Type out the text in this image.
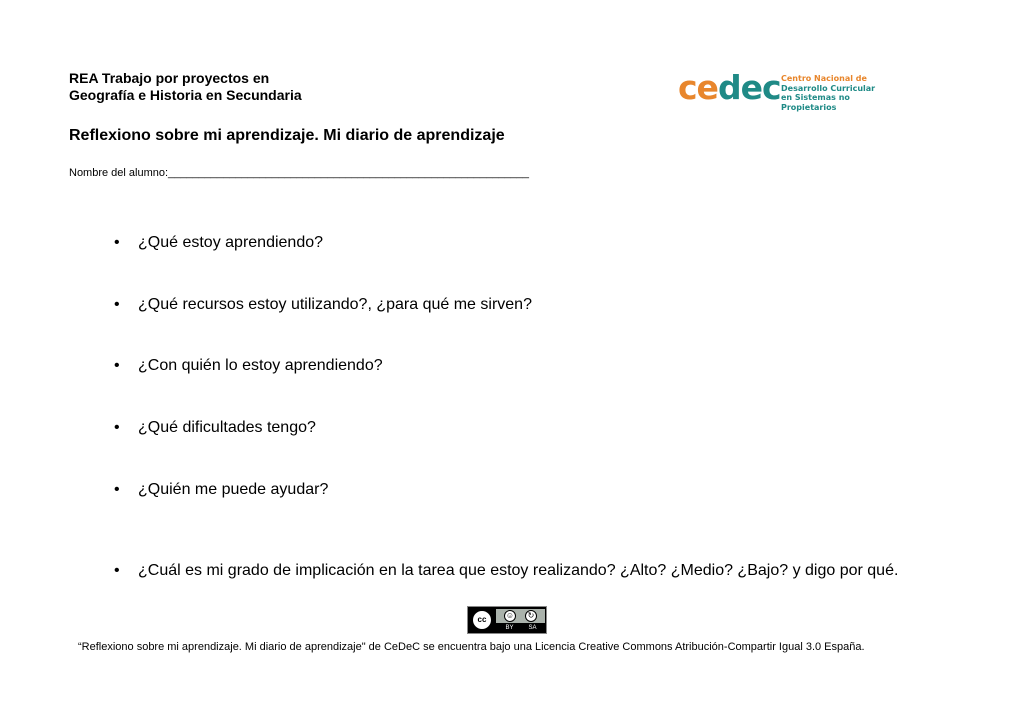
REA Trabajo por proyectos en
Geografía e Historia en Secundaria	cedec Centro Nacional de
Desarrollo Curricular
en Sistemas no Propietarios
Reflexiono sobre mi aprendizaje. Mi diario de aprendizaje
Nombre del alumno:___________________________________________________________
• ¿Qué estoy aprendiendo?
• ¿Qué recursos estoy utilizando?, ¿para qué me sirven?
• ¿Con quién lo estoy aprendiendo?
• ¿Qué dificultades tengo?
• ¿Quién me puede ayudar?
• ¿Cuál es mi grado de implicación en la tarea que estoy realizando? ¿Alto? ¿Medio? ¿Bajo? y digo por qué.
cc	☺	↻
BY SA
“Reflexiono sobre mi aprendizaje. Mi diario de aprendizaje" de CeDeC se encuentra bajo una Licencia Creative Commons Atribución-Compartir Igual 3.0 España.
